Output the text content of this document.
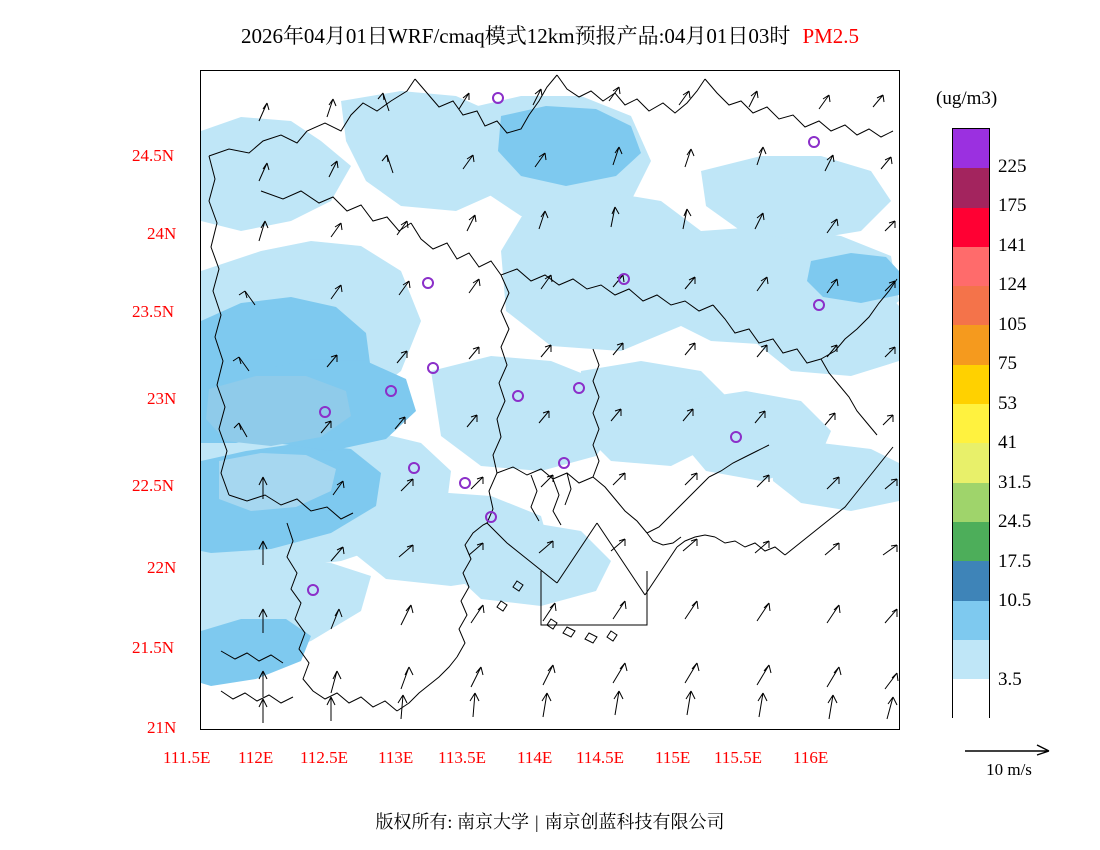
2026年04月01日WRF/cmaq模式12km预报产品:04月01日03时 PM2.5
24.5N
24N
23.5N
23N
22.5N
22N
21.5N
21N
111.5E 112E 112.5E 113E 113.5E 114E 114.5E 115E 115.5E 116E
(ug/m3)
225
175
141
124
105
75
53
41
31.5
24.5
17.5
10.5
3.5
10 m/s
版权所有: 南京大学 | 南京创蓝科技有限公司
